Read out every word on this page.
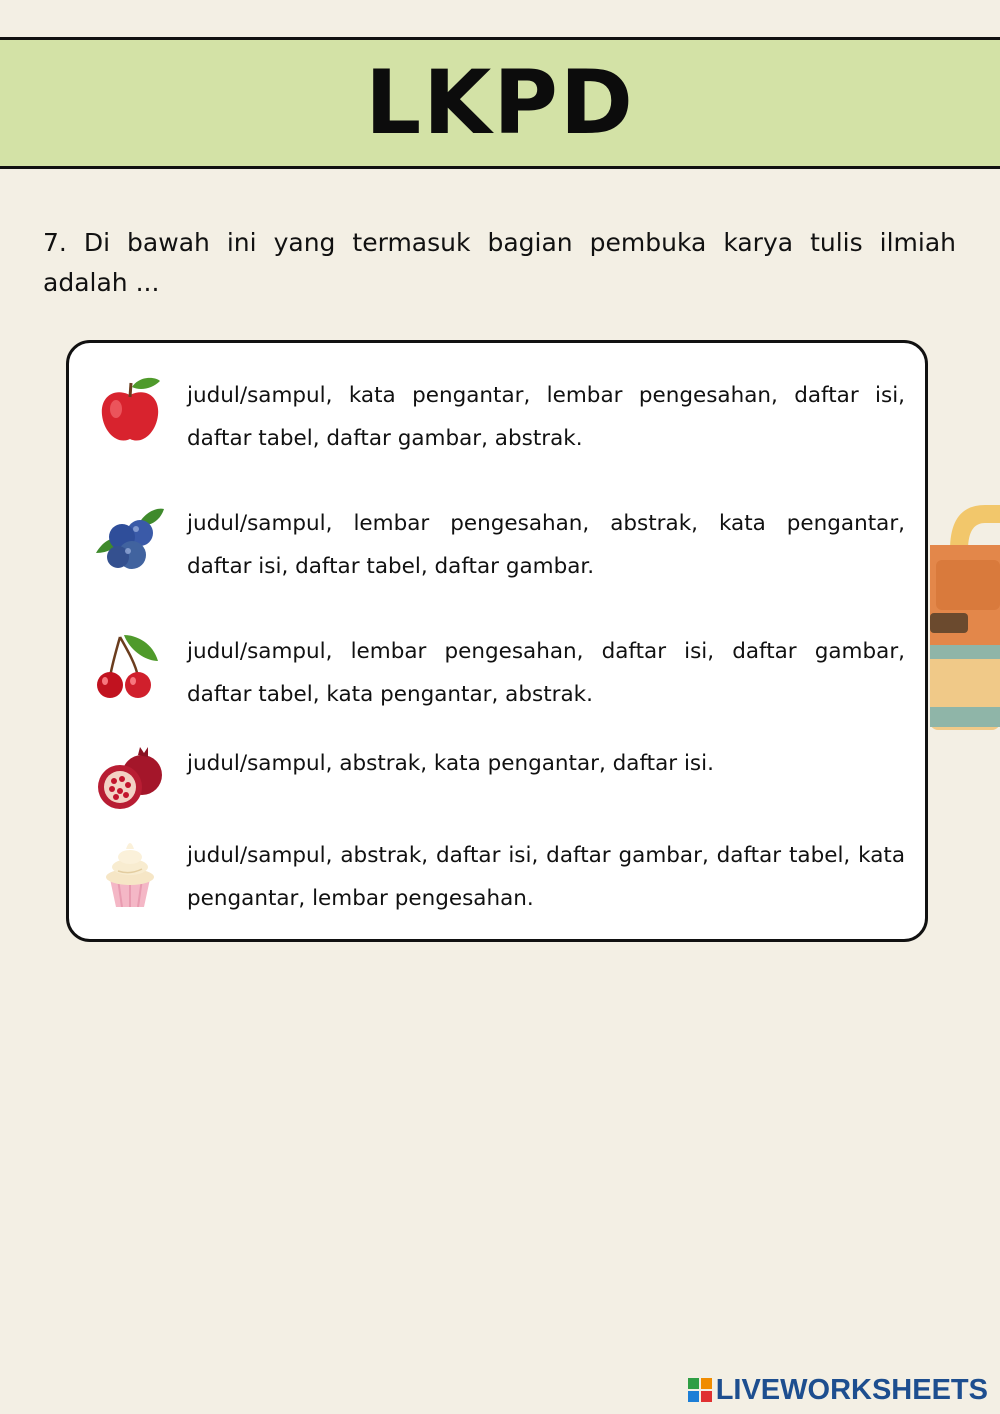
LKPD
7. Di bawah ini yang termasuk bagian pembuka karya tulis ilmiah adalah ...
judul/sampul, kata pengantar, lembar pengesahan, daftar isi, daftar tabel, daftar gambar, abstrak.
judul/sampul, lembar pengesahan, abstrak, kata pengantar, daftar isi, daftar tabel, daftar gambar.
judul/sampul, lembar pengesahan, daftar isi, daftar gambar, daftar tabel, kata pengantar, abstrak.
judul/sampul, abstrak, kata pengantar, daftar isi.
judul/sampul, abstrak, daftar isi, daftar gambar, daftar tabel, kata pengantar, lembar pengesahan.
LIVEWORKSHEETS
